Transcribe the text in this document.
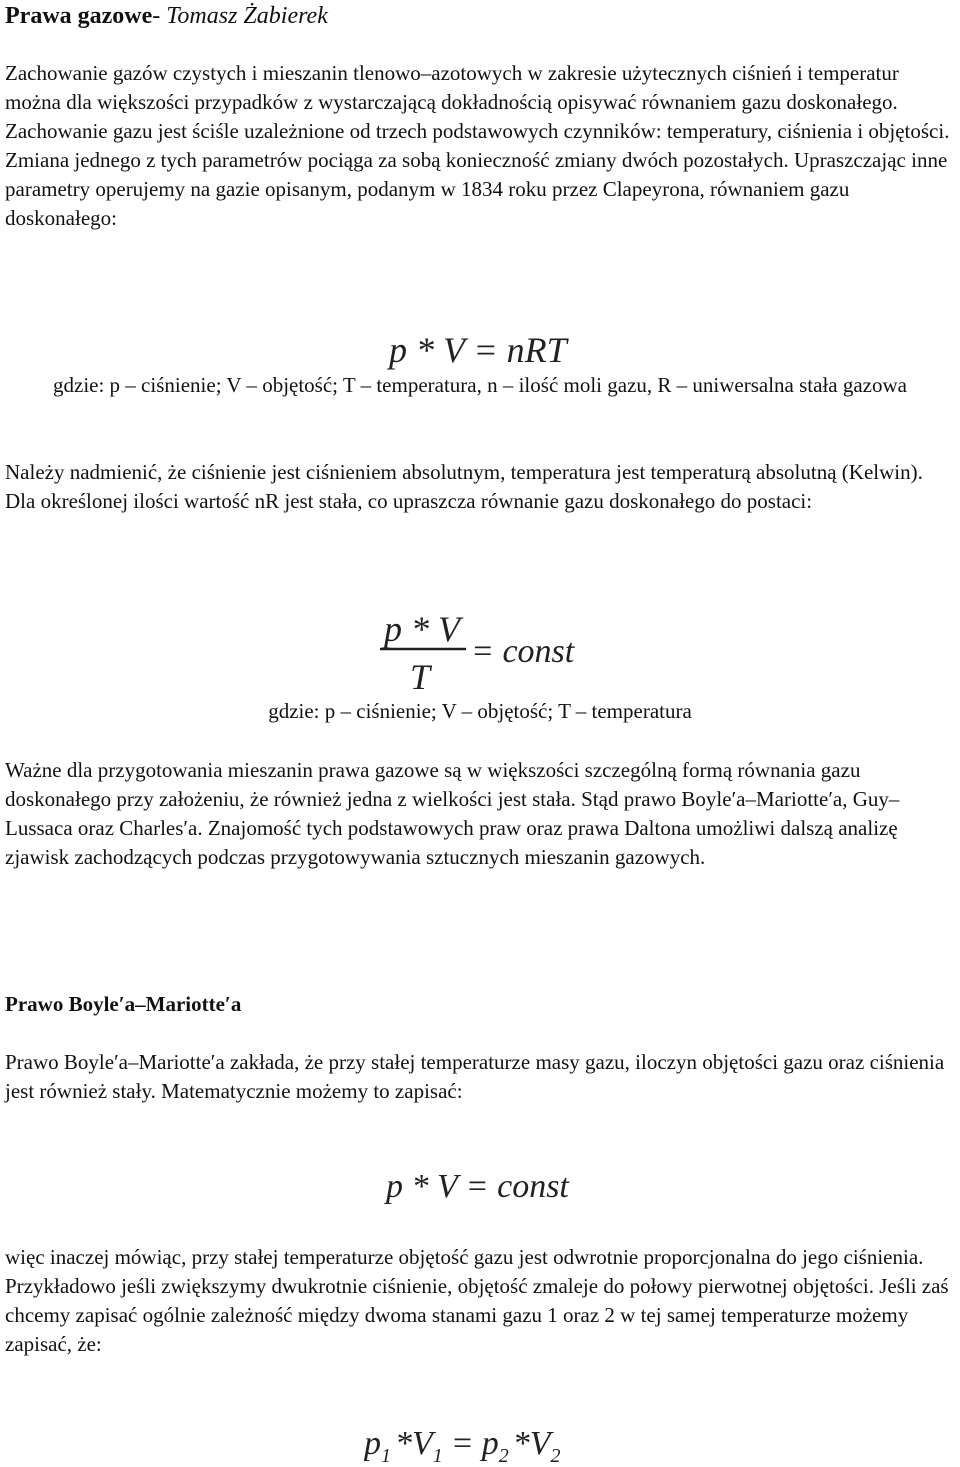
Prawa gazowe- Tomasz Żabierek

Zachowanie gazów czystych i mieszanin tlenowo–azotowych w zakresie użytecznych ciśnień i temperatur można dla większości przypadków z wystarczającą dokładnością opisywać równaniem gazu doskonałego. Zachowanie gazu jest ściśle uzależnione od trzech podstawowych czynników: temperatury, ciśnienia i objętości. Zmiana jednego z tych parametrów pociąga za sobą konieczność zmiany dwóch pozostałych. Upraszczając inne parametry operujemy na gazie opisanym, podanym w 1834 roku przez Clapeyrona, równaniem gazu doskonałego:

p * V = nRT

gdzie: p – ciśnienie; V – objętość; T – temperatura, n – ilość moli gazu, R – uniwersalna stała gazowa

Należy nadmienić, że ciśnienie jest ciśnieniem absolutnym, temperatura jest temperaturą absolutną (Kelwin). Dla określonej ilości wartość nR jest stała, co upraszcza równanie gazu doskonałego do postaci:

p * V
T
= const

gdzie: p – ciśnienie; V – objętość; T – temperatura

Ważne dla przygotowania mieszanin prawa gazowe są w większości szczególną formą równania gazu doskonałego przy założeniu, że również jedna z wielkości jest stała. Stąd prawo Boyle′a–Mariotte′a, Guy–Lussaca oraz Charles′a. Znajomość tych podstawowych praw oraz prawa Daltona umożliwi dalszą analizę zjawisk zachodzących podczas przygotowywania sztucznych mieszanin gazowych.

Prawo Boyle′a–Mariotte′a

Prawo Boyle′a–Mariotte′a zakłada, że przy stałej temperaturze masy gazu, iloczyn objętości gazu oraz ciśnienia jest również stały. Matematycznie możemy to zapisać:

p * V = const

więc inaczej mówiąc, przy stałej temperaturze objętość gazu jest odwrotnie proporcjonalna do jego ciśnienia. Przykładowo jeśli zwiększymy dwukrotnie ciśnienie, objętość zmaleje do połowy pierwotnej objętości. Jeśli zaś chcemy zapisać ogólnie zależność między dwoma stanami gazu 1 oraz 2 w tej samej temperaturze możemy zapisać, że:

$p_1$ $*V_1 = p_2$ $*V_2$
